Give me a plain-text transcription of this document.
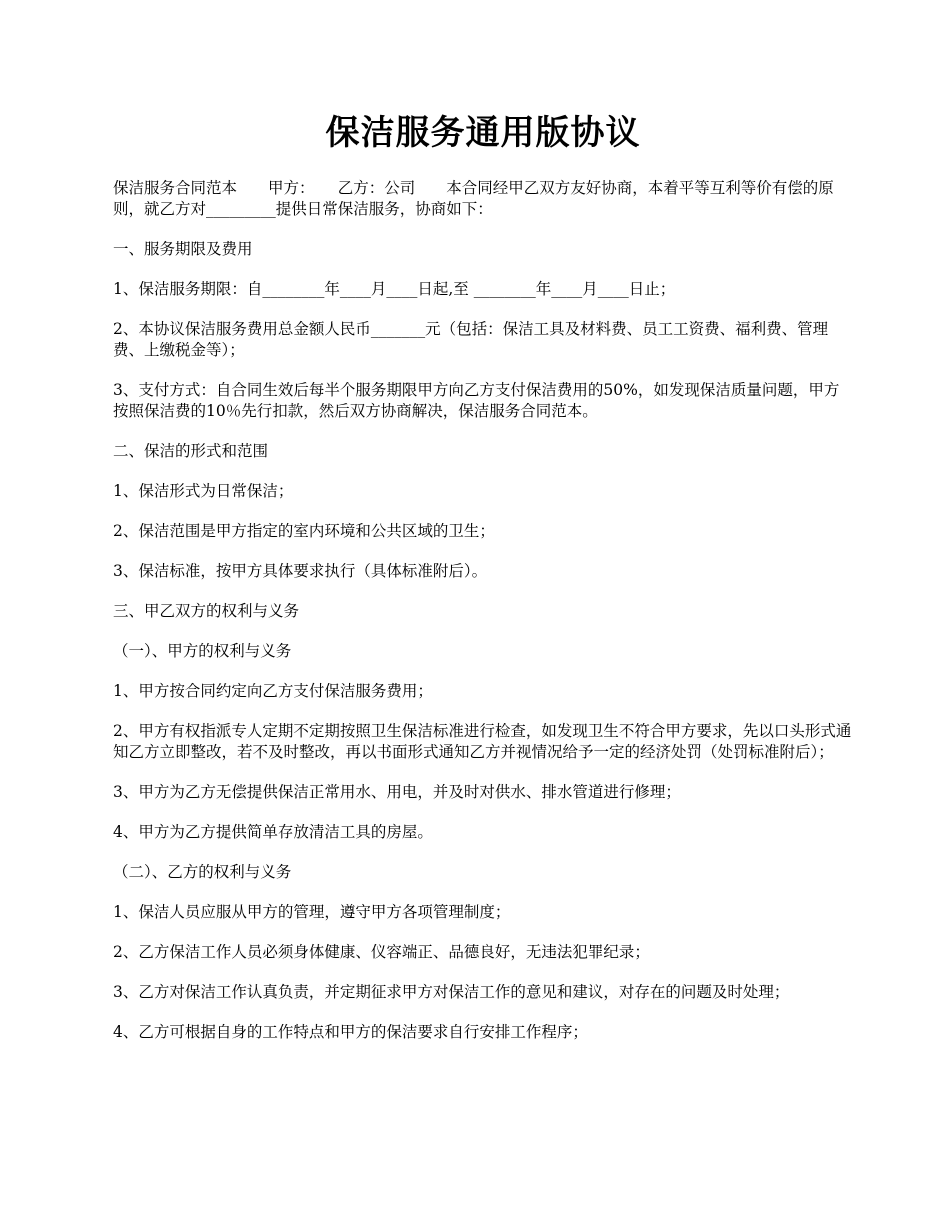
保洁服务通用版协议

保洁服务合同范本　　甲方：　　乙方：公司　　本合同经甲乙双方友好协商，本着平等互利等价有偿的原则，就乙方对_________提供日常保洁服务，协商如下：

一、服务期限及费用

1、保洁服务期限：自________年____月____日起,至 ________年____月____日止；

2、本协议保洁服务费用总金额人民币_______元（包括：保洁工具及材料费、员工工资费、福利费、管理费、上缴税金等）；

3、支付方式：自合同生效后每半个服务期限甲方向乙方支付保洁费用的50%，如发现保洁质量问题，甲方按照保洁费的10％先行扣款，然后双方协商解决，保洁服务合同范本。

二、保洁的形式和范围

1、保洁形式为日常保洁；

2、保洁范围是甲方指定的室内环境和公共区域的卫生；

3、保洁标准，按甲方具体要求执行（具体标准附后）。

三、甲乙双方的权利与义务

（一）、甲方的权利与义务

1、甲方按合同约定向乙方支付保洁服务费用；

2、甲方有权指派专人定期不定期按照卫生保洁标准进行检查，如发现卫生不符合甲方要求，先以口头形式通知乙方立即整改，若不及时整改，再以书面形式通知乙方并视情况给予一定的经济处罚（处罚标准附后）；

3、甲方为乙方无偿提供保洁正常用水、用电，并及时对供水、排水管道进行修理；

4、甲方为乙方提供简单存放清洁工具的房屋。

（二）、乙方的权利与义务

1、保洁人员应服从甲方的管理，遵守甲方各项管理制度；

2、乙方保洁工作人员必须身体健康、仪容端正、品德良好，无违法犯罪纪录；

3、乙方对保洁工作认真负责，并定期征求甲方对保洁工作的意见和建议，对存在的问题及时处理；

4、乙方可根据自身的工作特点和甲方的保洁要求自行安排工作程序；
